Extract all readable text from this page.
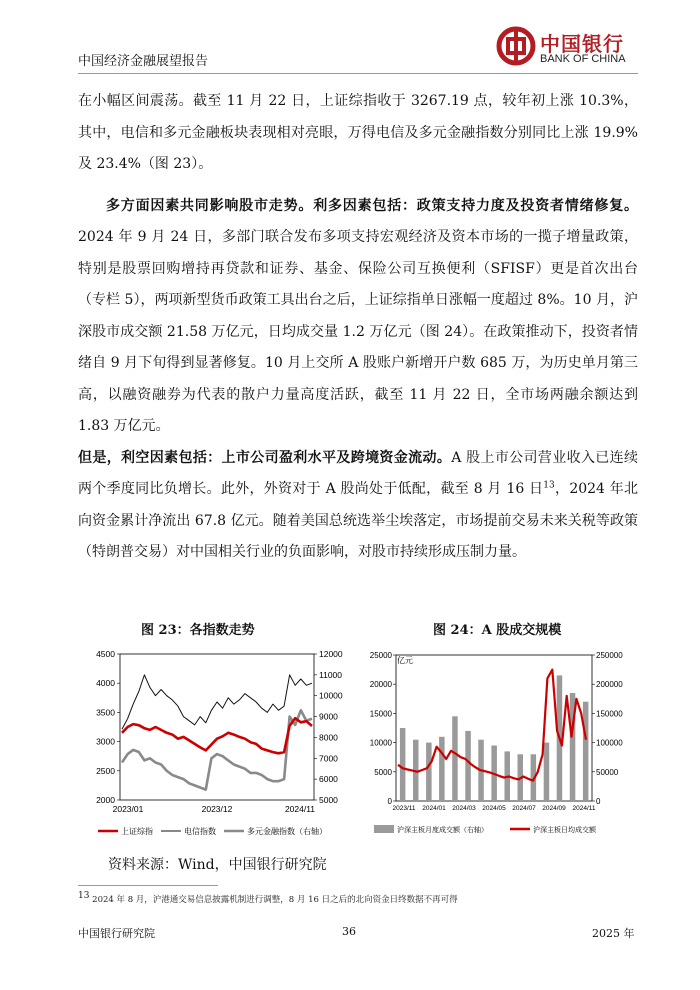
中国经济金融展望报告
中国银行
BANK OF CHINA

在小幅区间震荡。截至 11 月 22 日，上证综指收于 3267.19 点，较年初上涨 10.3%，其中，电信和多元金融板块表现相对亮眼，万得电信及多元金融指数分别同比上涨 19.9%及 23.4%（图 23）。

多方面因素共同影响股市走势。利多因素包括：政策支持力度及投资者情绪修复。2024 年 9 月 24 日，多部门联合发布多项支持宏观经济及资本市场的一揽子增量政策，特别是股票回购增持再贷款和证券、基金、保险公司互换便利（SFISF）更是首次出台（专栏 5），两项新型货币政策工具出台之后，上证综指单日涨幅一度超过 8%。10 月，沪深股市成交额 21.58 万亿元，日均成交量 1.2 万亿元（图 24）。在政策推动下，投资者情绪自 9 月下旬得到显著修复。10 月上交所 A 股账户新增开户数 685 万，为历史单月第三高，以融资融券为代表的散户力量高度活跃，截至 11 月 22 日，全市场两融余额达到 1.83 万亿元。

但是，利空因素包括：上市公司盈利水平及跨境资金流动。A 股上市公司营业收入已连续两个季度同比负增长。此外，外资对于 A 股尚处于低配，截至 8 月 16 日$^{13}$，2024 年北向资金累计净流出 67.8 亿元。随着美国总统选举尘埃落定，市场提前交易未来关税等政策（特朗普交易）对中国相关行业的负面影响，对股市持续形成压制力量。

图 23：各指数走势	图 24：A 股成交规模
2000
2500
3000
3500
4000
4500
5000
6000
7000
8000
9000
10000
11000
12000
2023/01	2023/12	2024/11
上证综指	电信指数	多元金融指数（右轴）
亿元
0
5000
10000
15000
20000
25000
0
50000
100000
150000
200000
250000
2023/11 2024/01 2024/03 2024/05 2024/07 2024/09 2024/11
沪深主板月度成交额（右轴）	沪深主板日均成交额
资料来源：Wind，中国银行研究院
$^{13}$ 2024 年 8 月，沪港通交易信息披露机制进行调整，8 月 16 日之后的北向资金日终数据不再可得
中国银行研究院	36	2025 年
